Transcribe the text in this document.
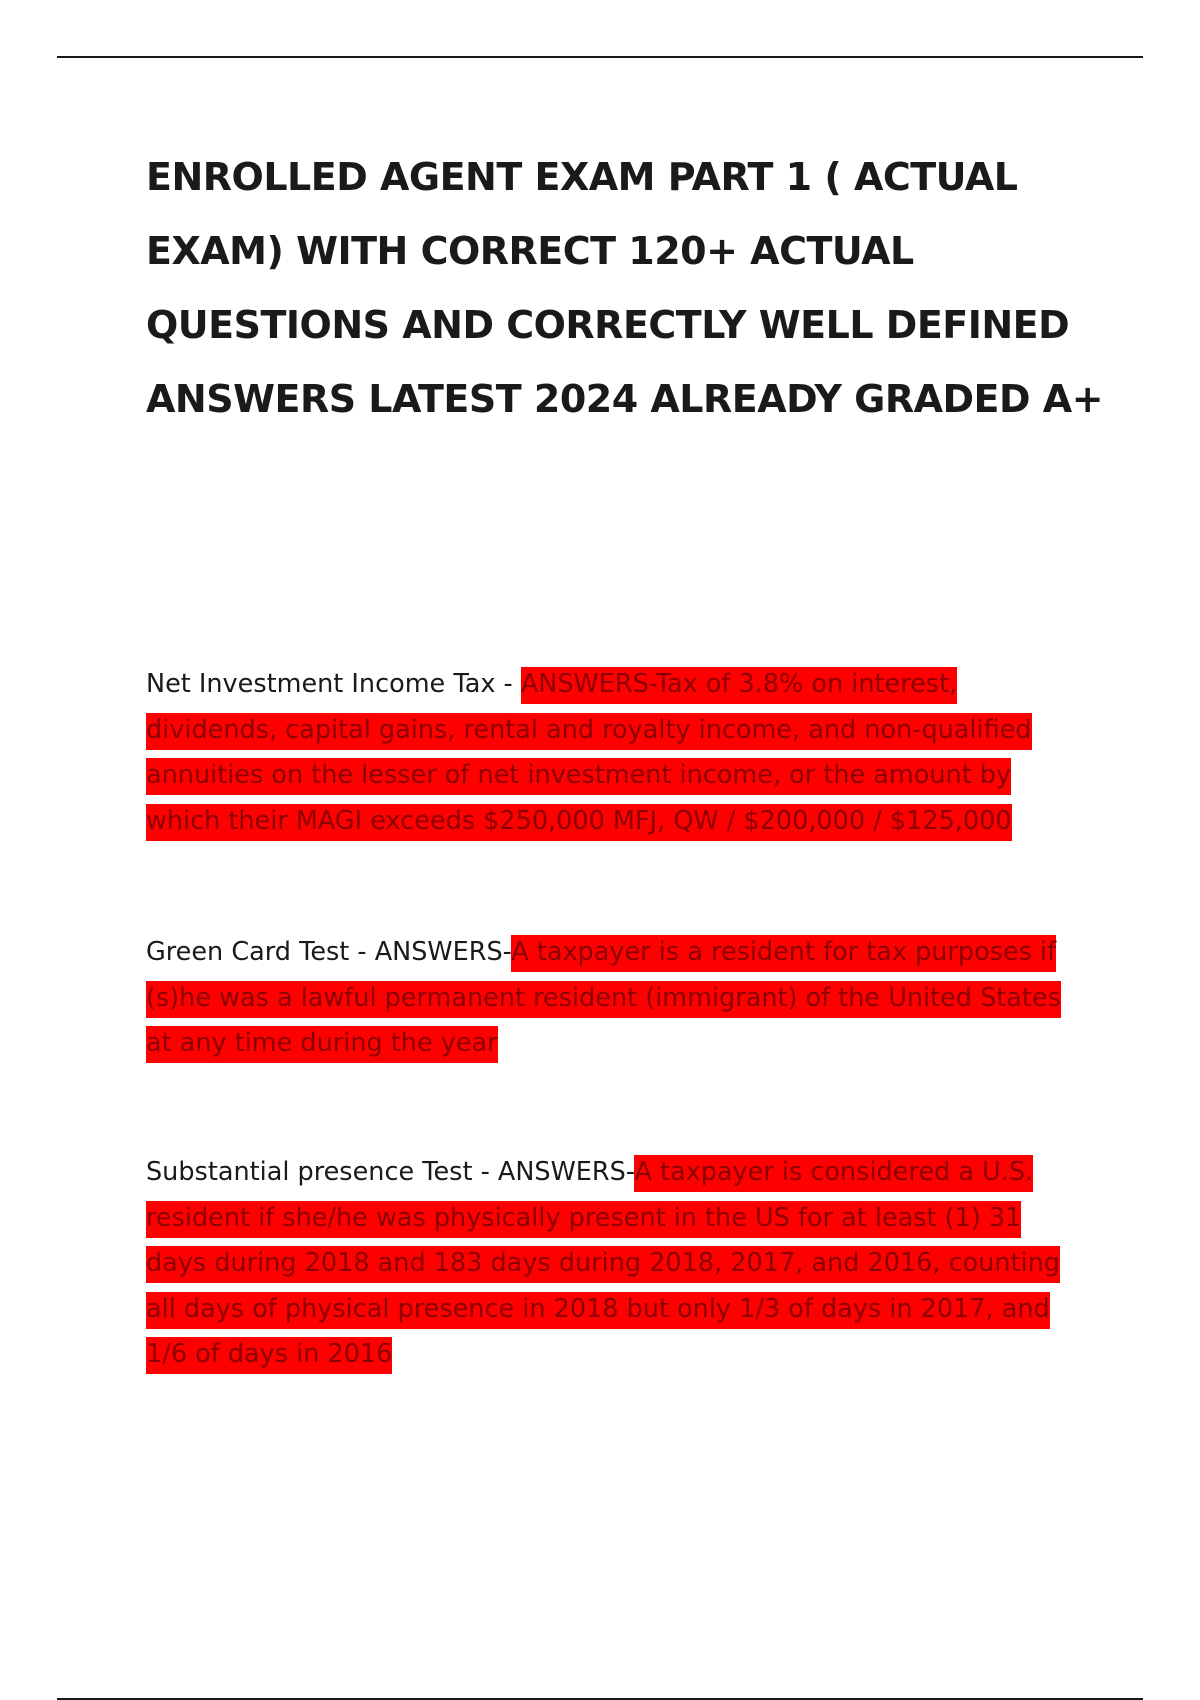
ENROLLED AGENT EXAM PART 1 ( ACTUAL EXAM) WITH CORRECT 120+ ACTUAL QUESTIONS AND CORRECTLY WELL DEFINED ANSWERS LATEST 2024 ALREADY GRADED A+

Net Investment Income Tax - ANSWERS-Tax of 3.8% on interest, dividends, capital gains, rental and royalty income, and non-qualified annuities on the lesser of net investment income, or the amount by which their MAGI exceeds $250,000 MFJ, QW / $200,000 / $125,000

Green Card Test - ANSWERS-A taxpayer is a resident for tax purposes if (s)he was a lawful permanent resident (immigrant) of the United States at any time during the year

Substantial presence Test - ANSWERS-A taxpayer is considered a U.S. resident if she/he was physically present in the US for at least (1) 31 days during 2018 and 183 days during 2018, 2017, and 2016, counting all days of physical presence in 2018 but only 1/3 of days in 2017, and 1/6 of days in 2016
